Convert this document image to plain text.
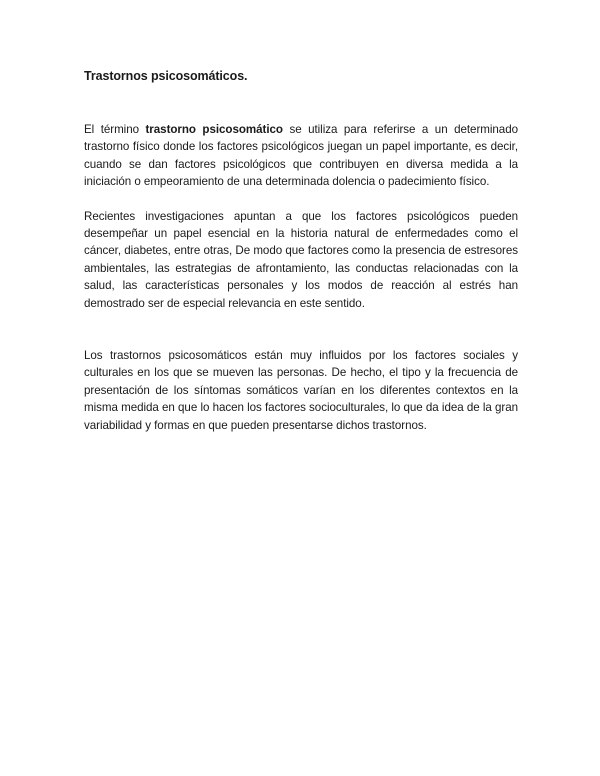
Trastornos psicosomáticos.

El término trastorno psicosomático se utiliza para referirse a un determinado trastorno físico donde los factores psicológicos juegan un papel importante, es decir, cuando se dan factores psicológicos que contribuyen en diversa medida a la iniciación o empeoramiento de una determinada dolencia o padecimiento físico.

Recientes investigaciones apuntan a que los factores psicológicos pueden desempeñar un papel esencial en la historia natural de enfermedades como el cáncer, diabetes, entre otras, De modo que factores como la presencia de estresores ambientales, las estrategias de afrontamiento, las conductas relacionadas con la salud, las características personales y los modos de reacción al estrés han demostrado ser de especial relevancia en este sentido.

Los trastornos psicosomáticos están muy influidos por los factores sociales y culturales en los que se mueven las personas. De hecho, el tipo y la frecuencia de presentación de los síntomas somáticos varían en los diferentes contextos en la misma medida en que lo hacen los factores socioculturales, lo que da idea de la gran variabilidad y formas en que pueden presentarse dichos trastornos.
